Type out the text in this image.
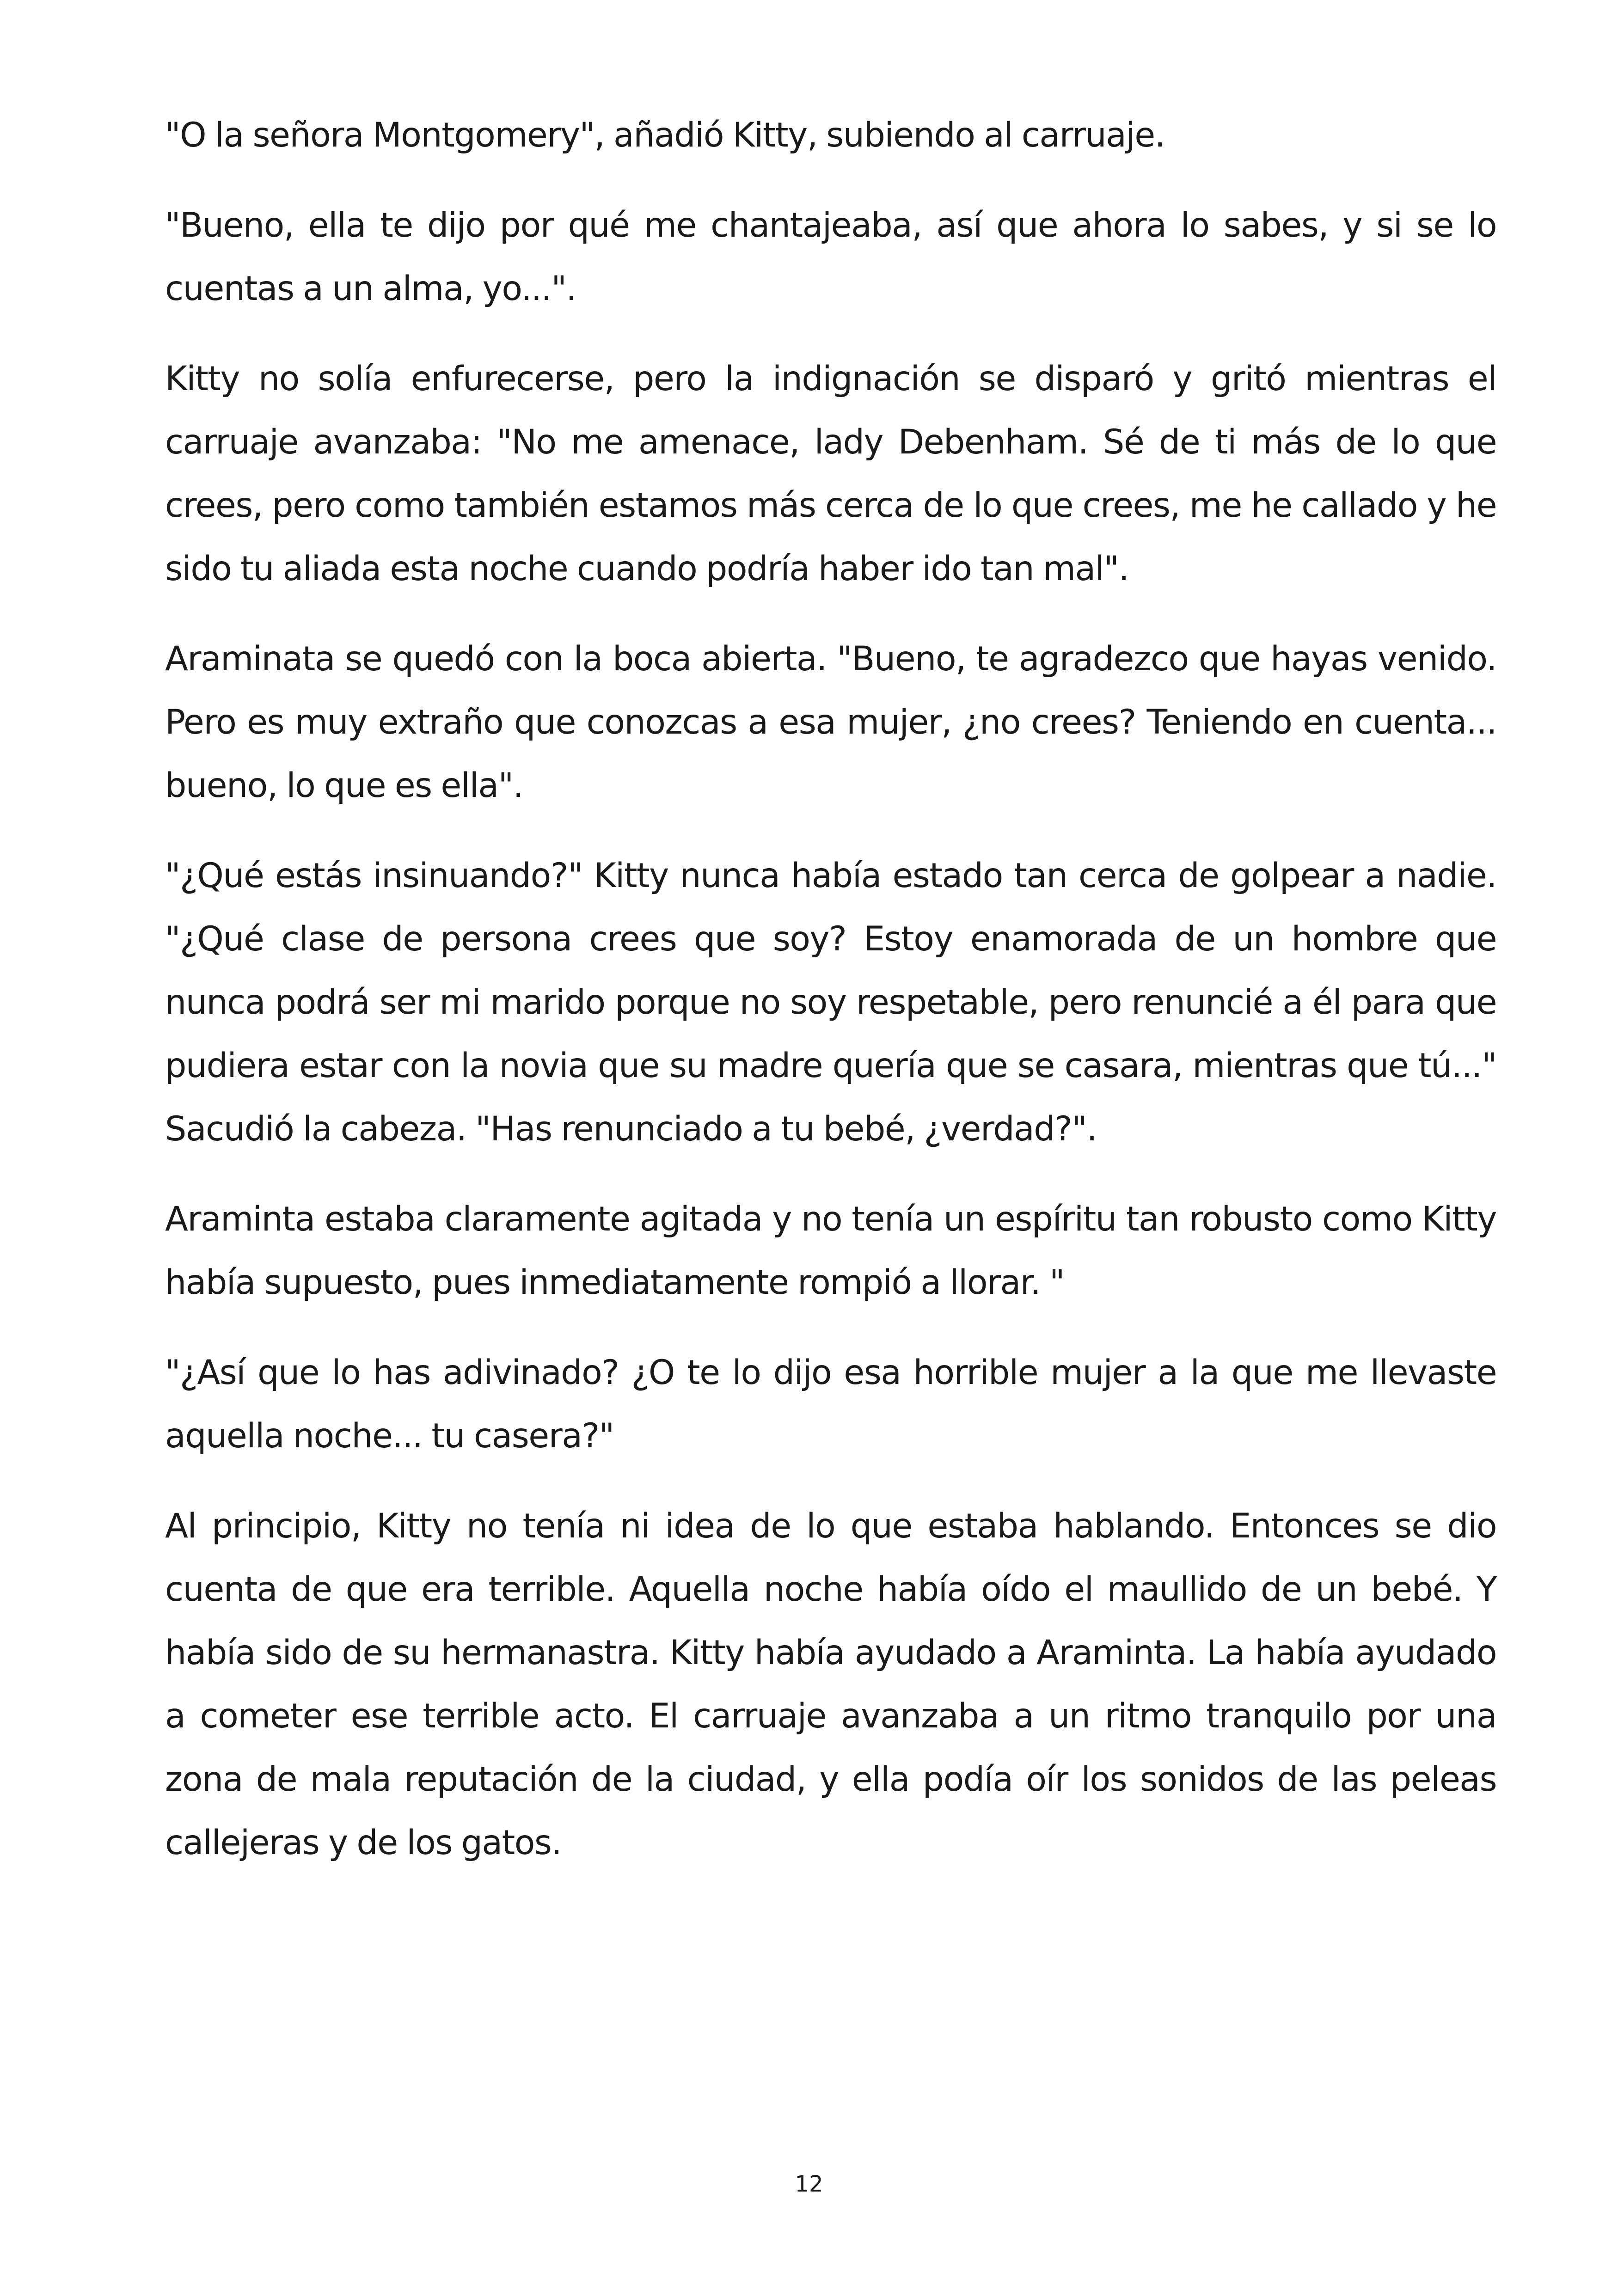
"O la señora Montgomery", añadió Kitty, subiendo al carruaje.

"Bueno, ella te dijo por qué me chantajeaba, así que ahora lo sabes, y si se lo cuentas a un alma, yo...".

Kitty no solía enfurecerse, pero la indignación se disparó y gritó mientras el carruaje avanzaba: "No me amenace, lady Debenham. Sé de ti más de lo que crees, pero como también estamos más cerca de lo que crees, me he callado y he sido tu aliada esta noche cuando podría haber ido tan mal".

Araminata se quedó con la boca abierta. "Bueno, te agradezco que hayas venido. Pero es muy extraño que conozcas a esa mujer, ¿no crees? Teniendo en cuenta... bueno, lo que es ella".

"¿Qué estás insinuando?" Kitty nunca había estado tan cerca de golpear a nadie. "¿Qué clase de persona crees que soy? Estoy enamorada de un hombre que nunca podrá ser mi marido porque no soy respetable, pero renuncié a él para que pudiera estar con la novia que su madre quería que se casara, mientras que tú..." Sacudió la cabeza. "Has renunciado a tu bebé, ¿verdad?".

Araminta estaba claramente agitada y no tenía un espíritu tan robusto como Kitty había supuesto, pues inmediatamente rompió a llorar. "

"¿Así que lo has adivinado? ¿O te lo dijo esa horrible mujer a la que me llevaste aquella noche... tu casera?"

Al principio, Kitty no tenía ni idea de lo que estaba hablando. Entonces se dio cuenta de que era terrible. Aquella noche había oído el maullido de un bebé. Y había sido de su hermanastra. Kitty había ayudado a Araminta. La había ayudado a cometer ese terrible acto. El carruaje avanzaba a un ritmo tranquilo por una zona de mala reputación de la ciudad, y ella podía oír los sonidos de las peleas callejeras y de los gatos.

12
